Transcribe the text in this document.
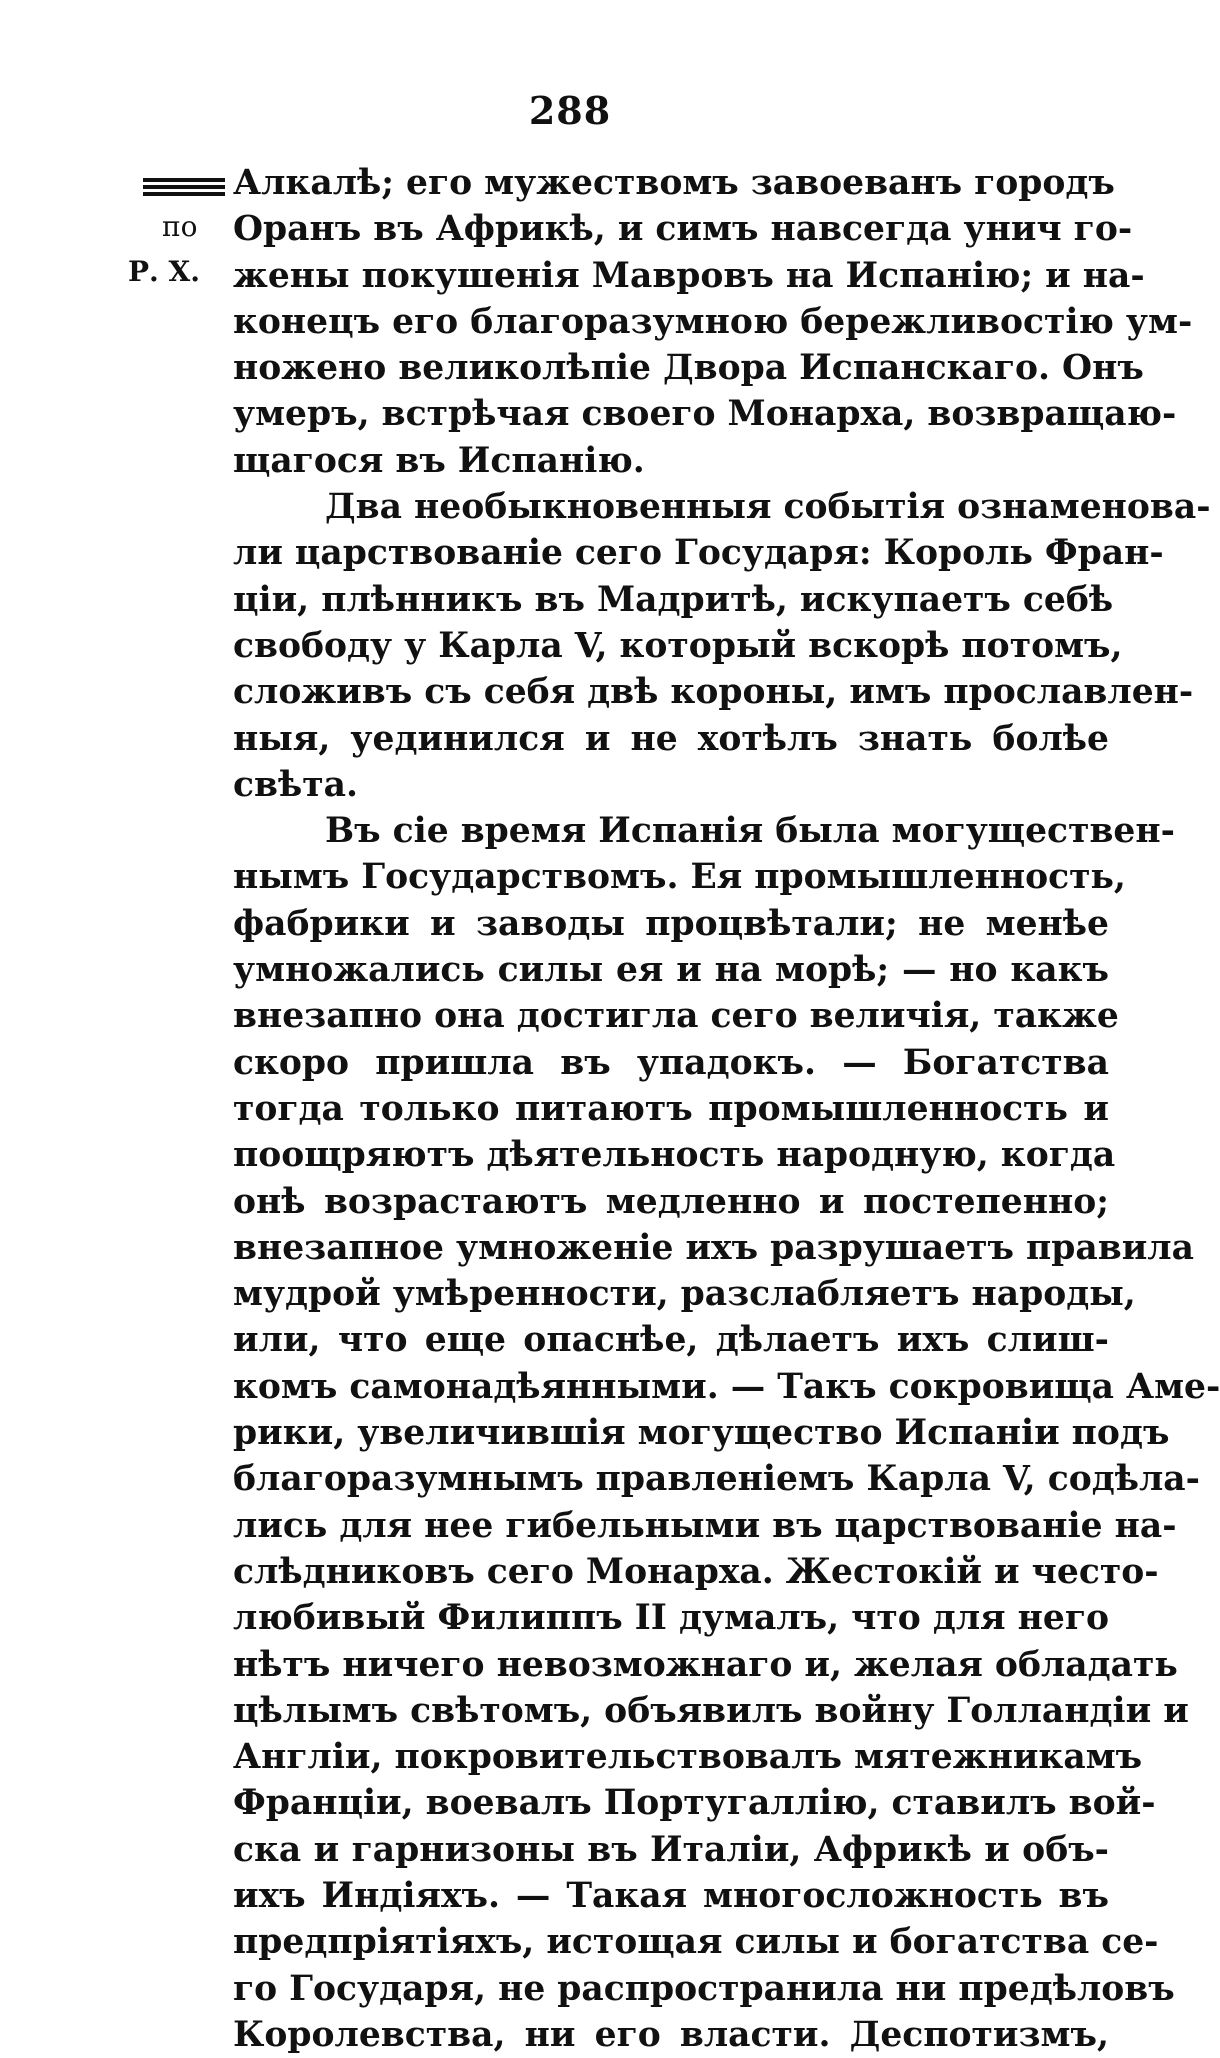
288
по
Р. Х.
Алкалѣ; его мужествомъ завоеванъ городъ
Оранъ въ Африкѣ, и симъ навсегда унич го-
жены покушенія Мавровъ на Испанію; и на-
конецъ его благоразумною бережливостію ум-
ножено великолѣпіе Двора Испанскаго. Онъ
умеръ, встрѣчая своего Монарха, возвращаю-
щагося въ Испанію.
Два необыкновенныя событія ознаменова-
ли царствованіе сего Государя: Король Фран-
ціи, плѣнникъ въ Мадритѣ, искупаетъ себѣ
свободу у Карла V, который вскорѣ потомъ,
сложивъ съ себя двѣ короны, имъ прославлен-
ныя, уединился и не хотѣлъ знать болѣе
свѣта.
Въ сіе время Испанія была могуществен-
нымъ Государствомъ. Ея промышленность,
фабрики и заводы процвѣтали; не менѣе
умножались силы ея и на морѣ; — но какъ
внезапно она достигла сего величія, также
скоро пришла въ упадокъ. — Богатства
тогда только питаютъ промышленность и
поощряютъ дѣятельность народную, когда
онѣ возрастаютъ медленно и постепенно;
внезапное умноженіе ихъ разрушаетъ правила
мудрой умѣренности, разслабляетъ народы,
или, что еще опаснѣе, дѣлаетъ ихъ слиш-
комъ самонадѣянными. — Такъ сокровища Аме-
рики, увеличившія могущество Испаніи подъ
благоразумнымъ правленіемъ Карла V, содѣла-
лись для нее гибельными въ царствованіе на-
слѣдниковъ сего Монарха. Жестокій и често-
любивый Филиппъ II думалъ, что для него
нѣтъ ничего невозможнаго и, желая обладать
цѣлымъ свѣтомъ, объявилъ войну Голландіи и
Англіи, покровительствовалъ мятежникамъ
Франціи, воевалъ Португаллію, ставилъ вой-
ска и гарнизоны въ Италіи, Африкѣ и объ-
ихъ Индіяхъ. — Такая многосложность въ
предпріятіяхъ, истощая силы и богатства се-
го Государя, не распространила ни предѣловъ
Королевства, ни его власти. Деспотизмъ,
